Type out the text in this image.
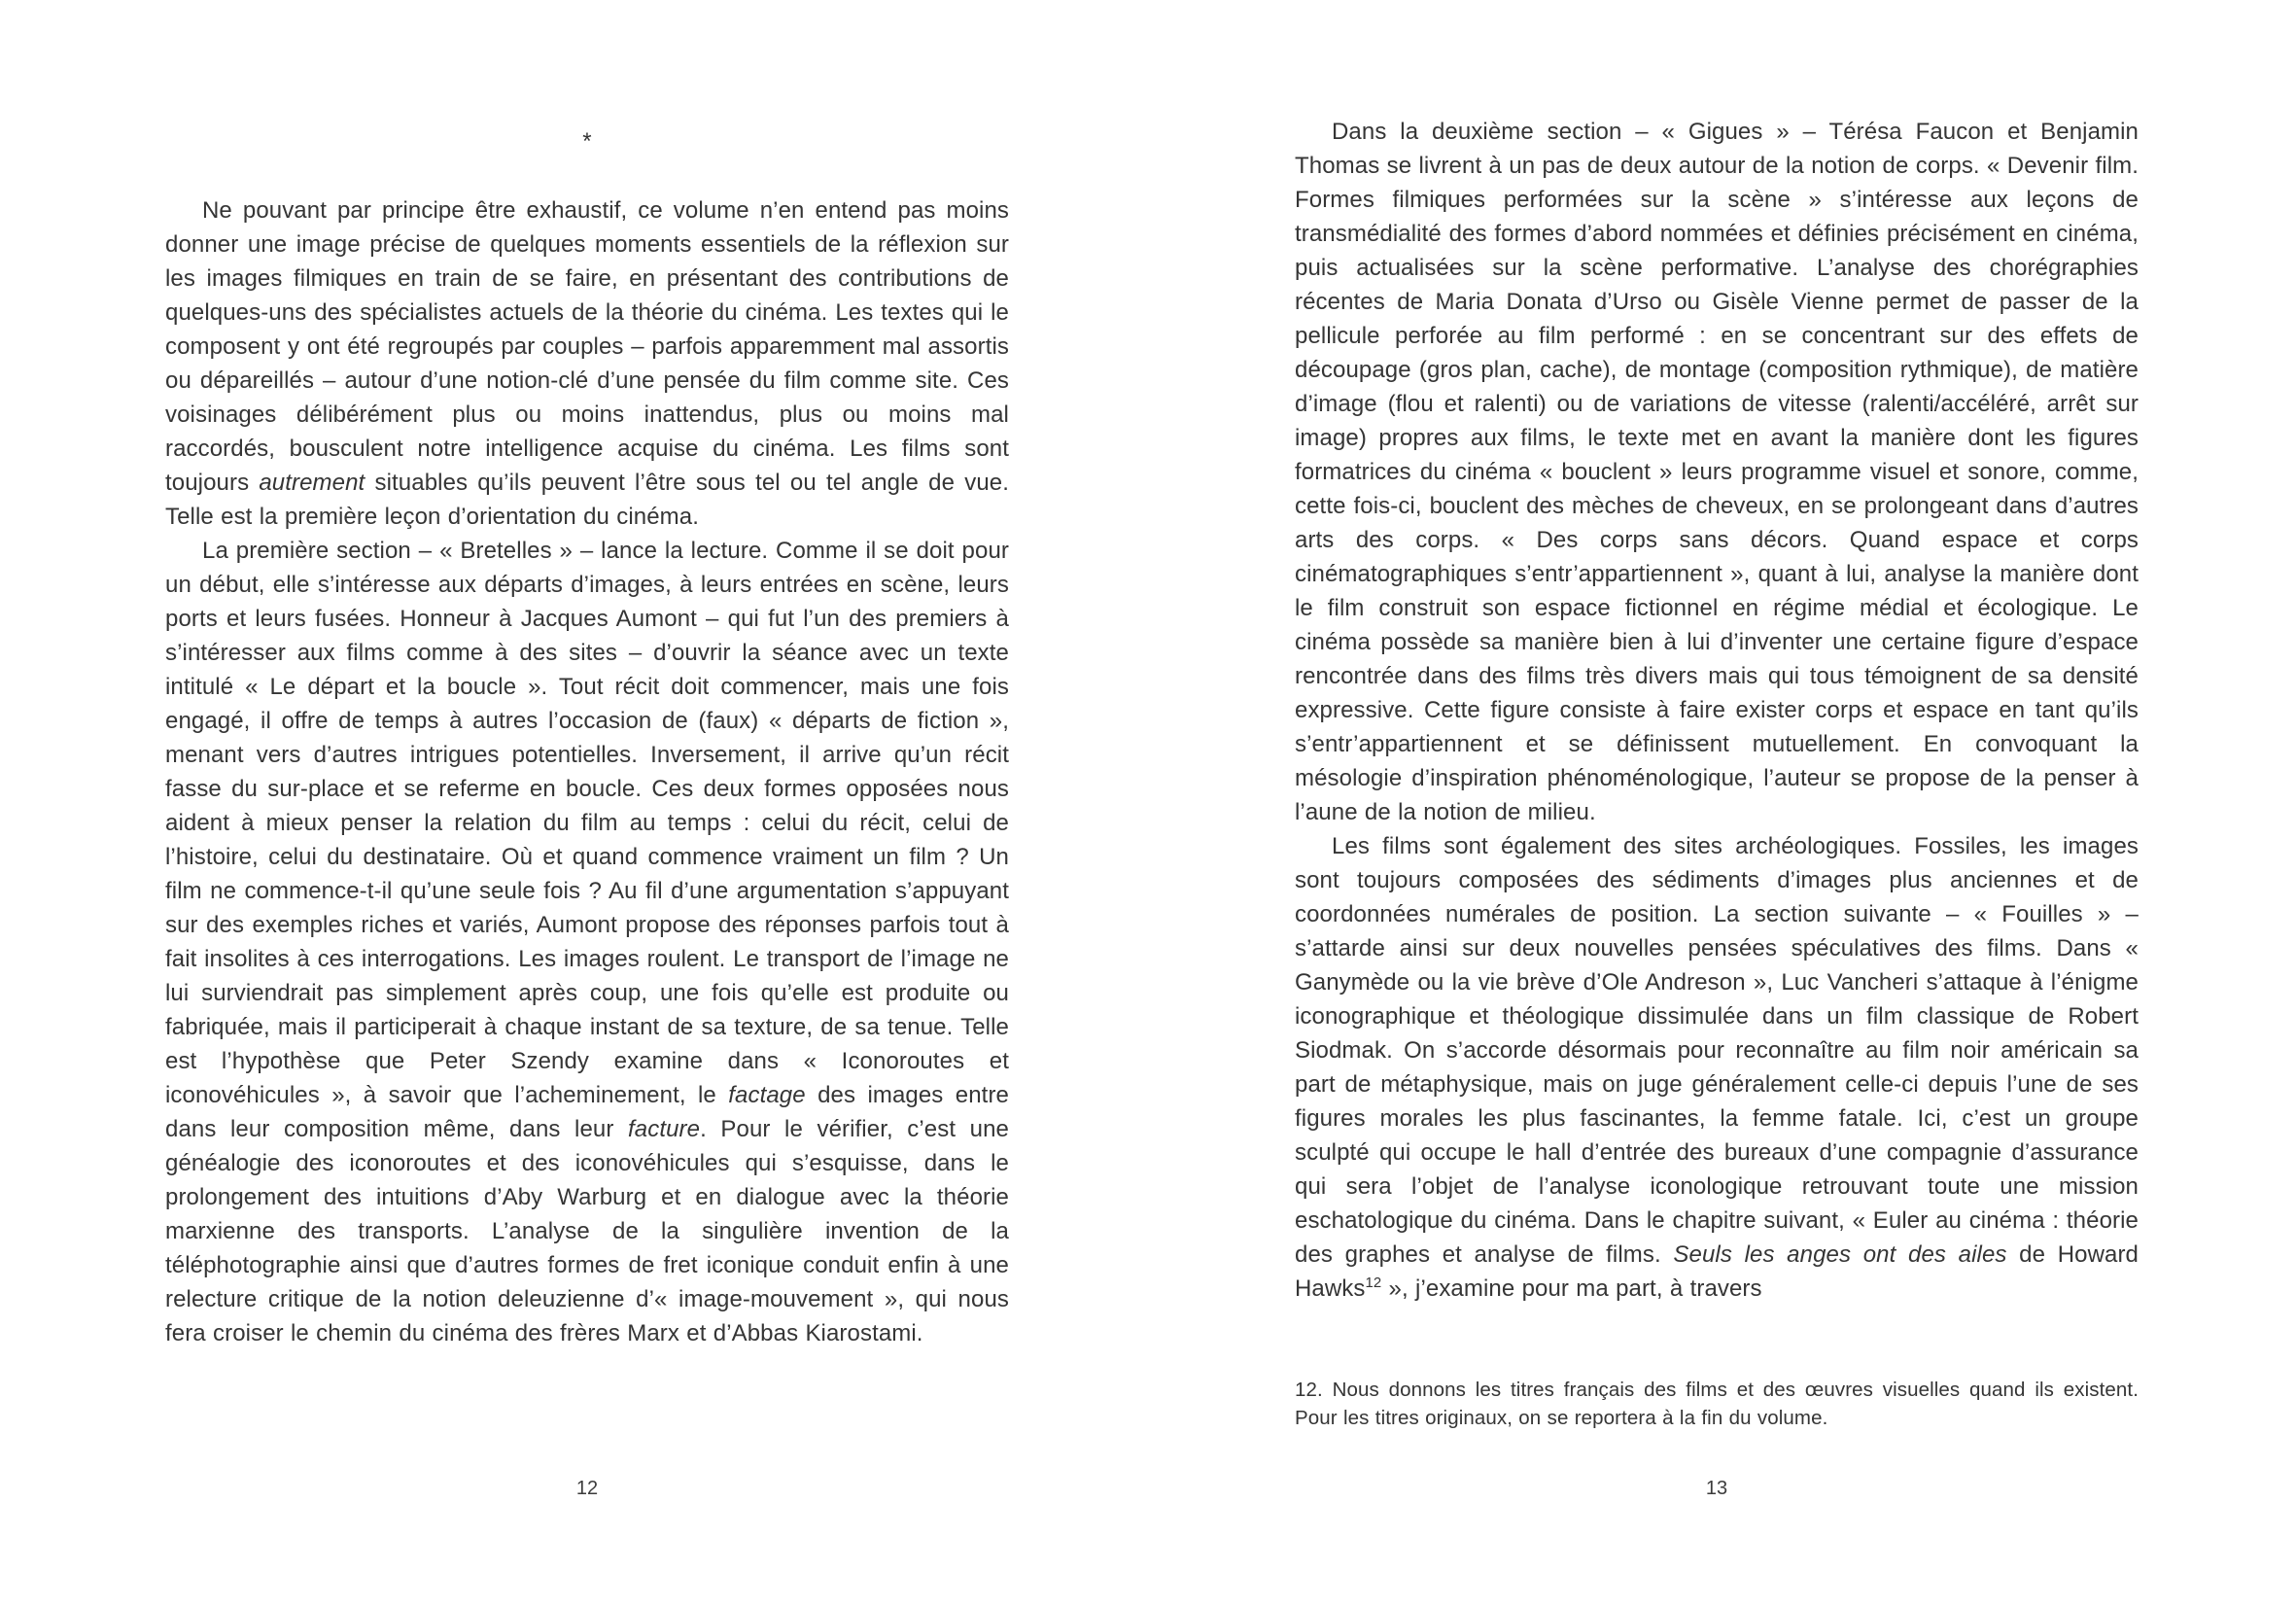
*

Ne pouvant par principe être exhaustif, ce volume n’en entend pas moins donner une image précise de quelques moments essentiels de la réflexion sur les images filmiques en train de se faire, en présentant des contributions de quelques-uns des spécialistes actuels de la théorie du cinéma. Les textes qui le composent y ont été regroupés par couples – parfois apparemment mal assortis ou dépareillés – autour d’une notion-clé d’une pensée du film comme site. Ces voisinages délibérément plus ou moins inattendus, plus ou moins mal raccordés, bousculent notre intelligence acquise du cinéma. Les films sont toujours autrement situables qu’ils peuvent l’être sous tel ou tel angle de vue. Telle est la première leçon d’orientation du cinéma.

La première section – « Bretelles » – lance la lecture. Comme il se doit pour un début, elle s’intéresse aux départs d’images, à leurs entrées en scène, leurs ports et leurs fusées. Honneur à Jacques Aumont – qui fut l’un des premiers à s’intéresser aux films comme à des sites – d’ouvrir la séance avec un texte intitulé « Le départ et la boucle ». Tout récit doit commencer, mais une fois engagé, il offre de temps à autres l’occasion de (faux) « départs de fiction », menant vers d’autres intrigues potentielles. Inversement, il arrive qu’un récit fasse du sur-place et se referme en boucle. Ces deux formes opposées nous aident à mieux penser la relation du film au temps : celui du récit, celui de l’histoire, celui du destinataire. Où et quand commence vraiment un film ? Un film ne commence-t-il qu’une seule fois ? Au fil d’une argumentation s’appuyant sur des exemples riches et variés, Aumont propose des réponses parfois tout à fait insolites à ces interrogations. Les images roulent. Le transport de l’image ne lui surviendrait pas simplement après coup, une fois qu’elle est produite ou fabriquée, mais il participerait à chaque instant de sa texture, de sa tenue. Telle est l’hypothèse que Peter Szendy examine dans « Iconoroutes et iconovéhicules », à savoir que l’acheminement, le factage des images entre dans leur composition même, dans leur facture. Pour le vérifier, c’est une généalogie des iconoroutes et des iconovéhicules qui s’esquisse, dans le prolongement des intuitions d’Aby Warburg et en dialogue avec la théorie marxienne des transports. L’analyse de la singulière invention de la téléphotographie ainsi que d’autres formes de fret iconique conduit enfin à une relecture critique de la notion deleuzienne d’« image-mouvement », qui nous fera croiser le chemin du cinéma des frères Marx et d’Abbas Kiarostami.

12

Dans la deuxième section – « Gigues » – Térésa Faucon et Benjamin Thomas se livrent à un pas de deux autour de la notion de corps. « Devenir film. Formes filmiques performées sur la scène » s’intéresse aux leçons de transmédialité des formes d’abord nommées et définies précisément en cinéma, puis actualisées sur la scène performative. L’analyse des chorégraphies récentes de Maria Donata d’Urso ou Gisèle Vienne permet de passer de la pellicule perforée au film performé : en se concentrant sur des effets de découpage (gros plan, cache), de montage (composition rythmique), de matière d’image (flou et ralenti) ou de variations de vitesse (ralenti/accéléré, arrêt sur image) propres aux films, le texte met en avant la manière dont les figures formatrices du cinéma « bouclent » leurs programme visuel et sonore, comme, cette fois-ci, bouclent des mèches de cheveux, en se prolongeant dans d’autres arts des corps. « Des corps sans décors. Quand espace et corps cinématographiques s’entr’appartiennent », quant à lui, analyse la manière dont le film construit son espace fictionnel en régime médial et écologique. Le cinéma possède sa manière bien à lui d’inventer une certaine figure d’espace rencontrée dans des films très divers mais qui tous témoignent de sa densité expressive. Cette figure consiste à faire exister corps et espace en tant qu’ils s’entr’appartiennent et se définissent mutuellement. En convoquant la mésologie d’inspiration phénoménologique, l’auteur se propose de la penser à l’aune de la notion de milieu.

Les films sont également des sites archéologiques. Fossiles, les images sont toujours composées des sédiments d’images plus anciennes et de coordonnées numérales de position. La section suivante – « Fouilles » – s’attarde ainsi sur deux nouvelles pensées spéculatives des films. Dans « Ganymède ou la vie brève d’Ole Andreson », Luc Vancheri s’attaque à l’énigme iconographique et théologique dissimulée dans un film classique de Robert Siodmak. On s’accorde désormais pour reconnaître au film noir américain sa part de métaphysique, mais on juge généralement celle-ci depuis l’une de ses figures morales les plus fascinantes, la femme fatale. Ici, c’est un groupe sculpté qui occupe le hall d’entrée des bureaux d’une compagnie d’assurance qui sera l’objet de l’analyse iconologique retrouvant toute une mission eschatologique du cinéma. Dans le chapitre suivant, « Euler au cinéma : théorie des graphes et analyse de films. Seuls les anges ont des ailes de Howard Hawks$^{12}$ », j’examine pour ma part, à travers

12. Nous donnons les titres français des films et des œuvres visuelles quand ils existent. Pour les titres originaux, on se reportera à la fin du volume.
13
